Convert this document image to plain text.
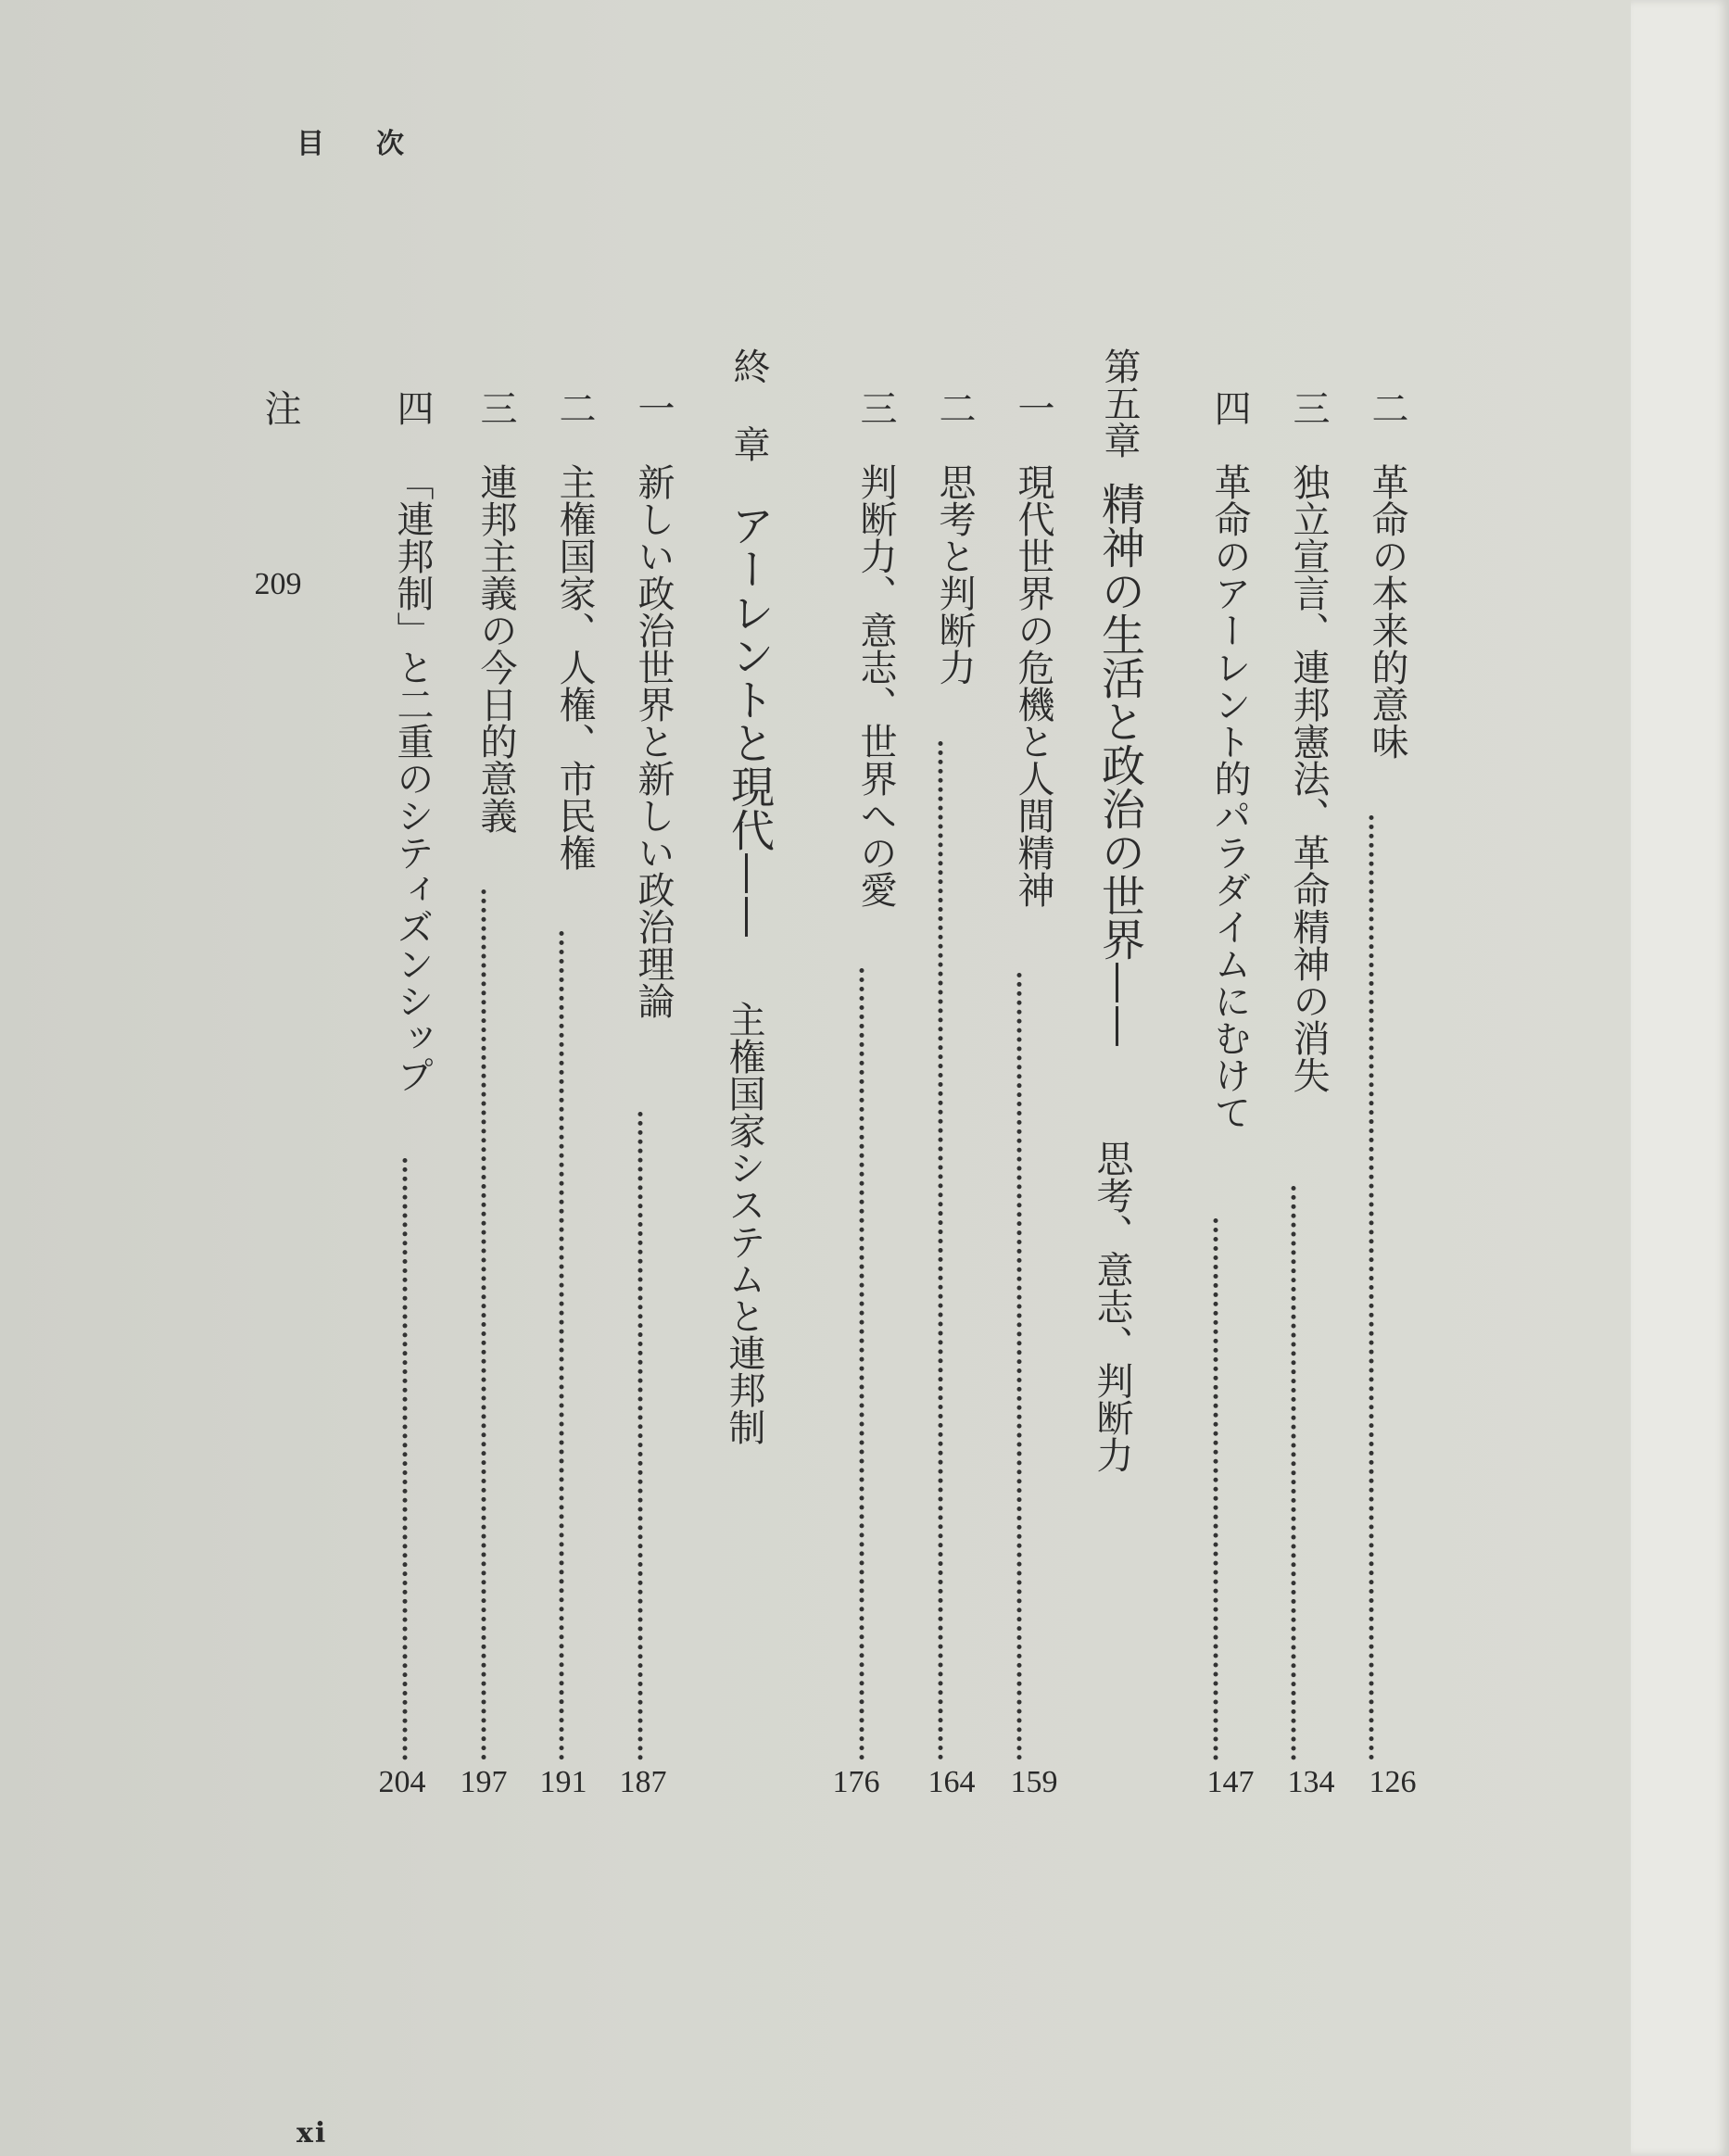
目次
二革命の本来的意味
126
三独立宣言、連邦憲法、革命精神の消失
134
四革命のアーレント的パラダイムにむけて
147
第五章精神の生活と政治の世界——
思考、意志、判断力
一現代世界の危機と人間精神
159
二思考と判断力
164
三判断力、意志、世界への愛
176
終章アーレントと現代——
主権国家システムと連邦制
一新しい政治世界と新しい政治理論
187
二主権国家、人権、市民権
191
三連邦主義の今日的意義
197
四「連邦制」と二重のシティズンシップ
204
注
209
xi
